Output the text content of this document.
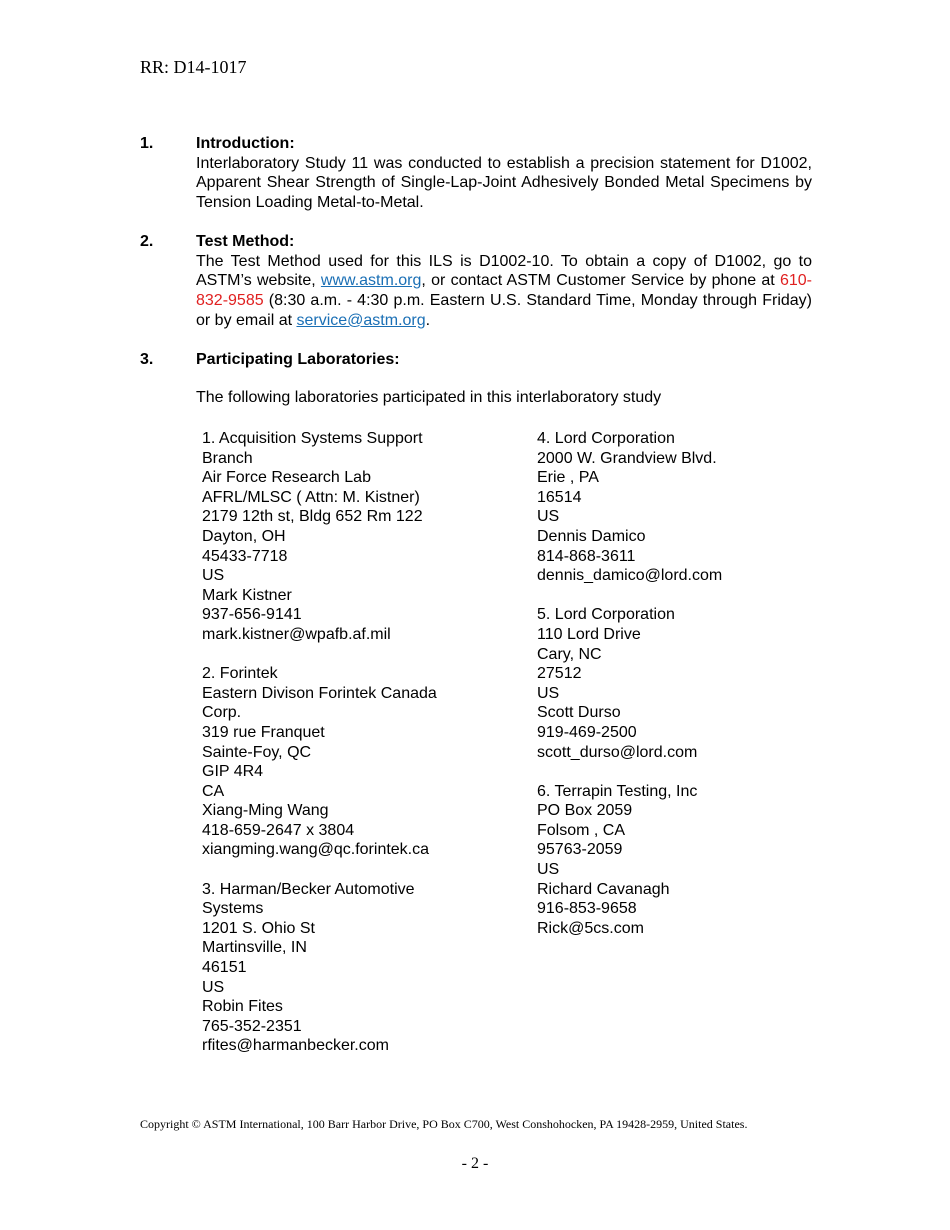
RR: D14-1017
1.	Introduction:
Interlaboratory Study 11 was conducted to establish a precision statement for D1002, Apparent Shear Strength of Single-Lap-Joint Adhesively Bonded Metal Specimens by Tension Loading Metal-to-Metal.
2.	Test Method:
The Test Method used for this ILS is D1002-10. To obtain a copy of D1002, go to ASTM’s website, www.astm.org, or contact ASTM Customer Service by phone at 610-832-9585 (8:30 a.m. - 4:30 p.m. Eastern U.S. Standard Time, Monday through Friday) or by email at service@astm.org.
3.	Participating Laboratories:
The following laboratories participated in this interlaboratory study
1. Acquisition Systems Support
Branch
Air Force Research Lab
AFRL/MLSC ( Attn: M. Kistner)
2179 12th st, Bldg 652 Rm 122
Dayton, OH
45433-7718
US
Mark Kistner
937-656-9141
mark.kistner@wpafb.af.mil
2. Forintek
Eastern Divison Forintek Canada
Corp.
319 rue Franquet
Sainte-Foy, QC
GIP 4R4
CA
Xiang-Ming Wang
418-659-2647 x 3804
xiangming.wang@qc.forintek.ca
3. Harman/Becker Automotive
Systems
1201 S. Ohio St
Martinsville, IN
46151
US
Robin Fites
765-352-2351
rfites@harmanbecker.com
4. Lord Corporation
2000 W. Grandview Blvd.
Erie , PA
16514
US
Dennis Damico
814-868-3611
dennis_damico@lord.com
5. Lord Corporation
110 Lord Drive
Cary, NC
27512
US
Scott Durso
919-469-2500
scott_durso@lord.com
6. Terrapin Testing, Inc
PO Box 2059
Folsom , CA
95763-2059
US
Richard Cavanagh
916-853-9658
Rick@5cs.com
Copyright © ASTM International, 100 Barr Harbor Drive, PO Box C700, West Conshohocken, PA 19428-2959, United States.
- 2 -
